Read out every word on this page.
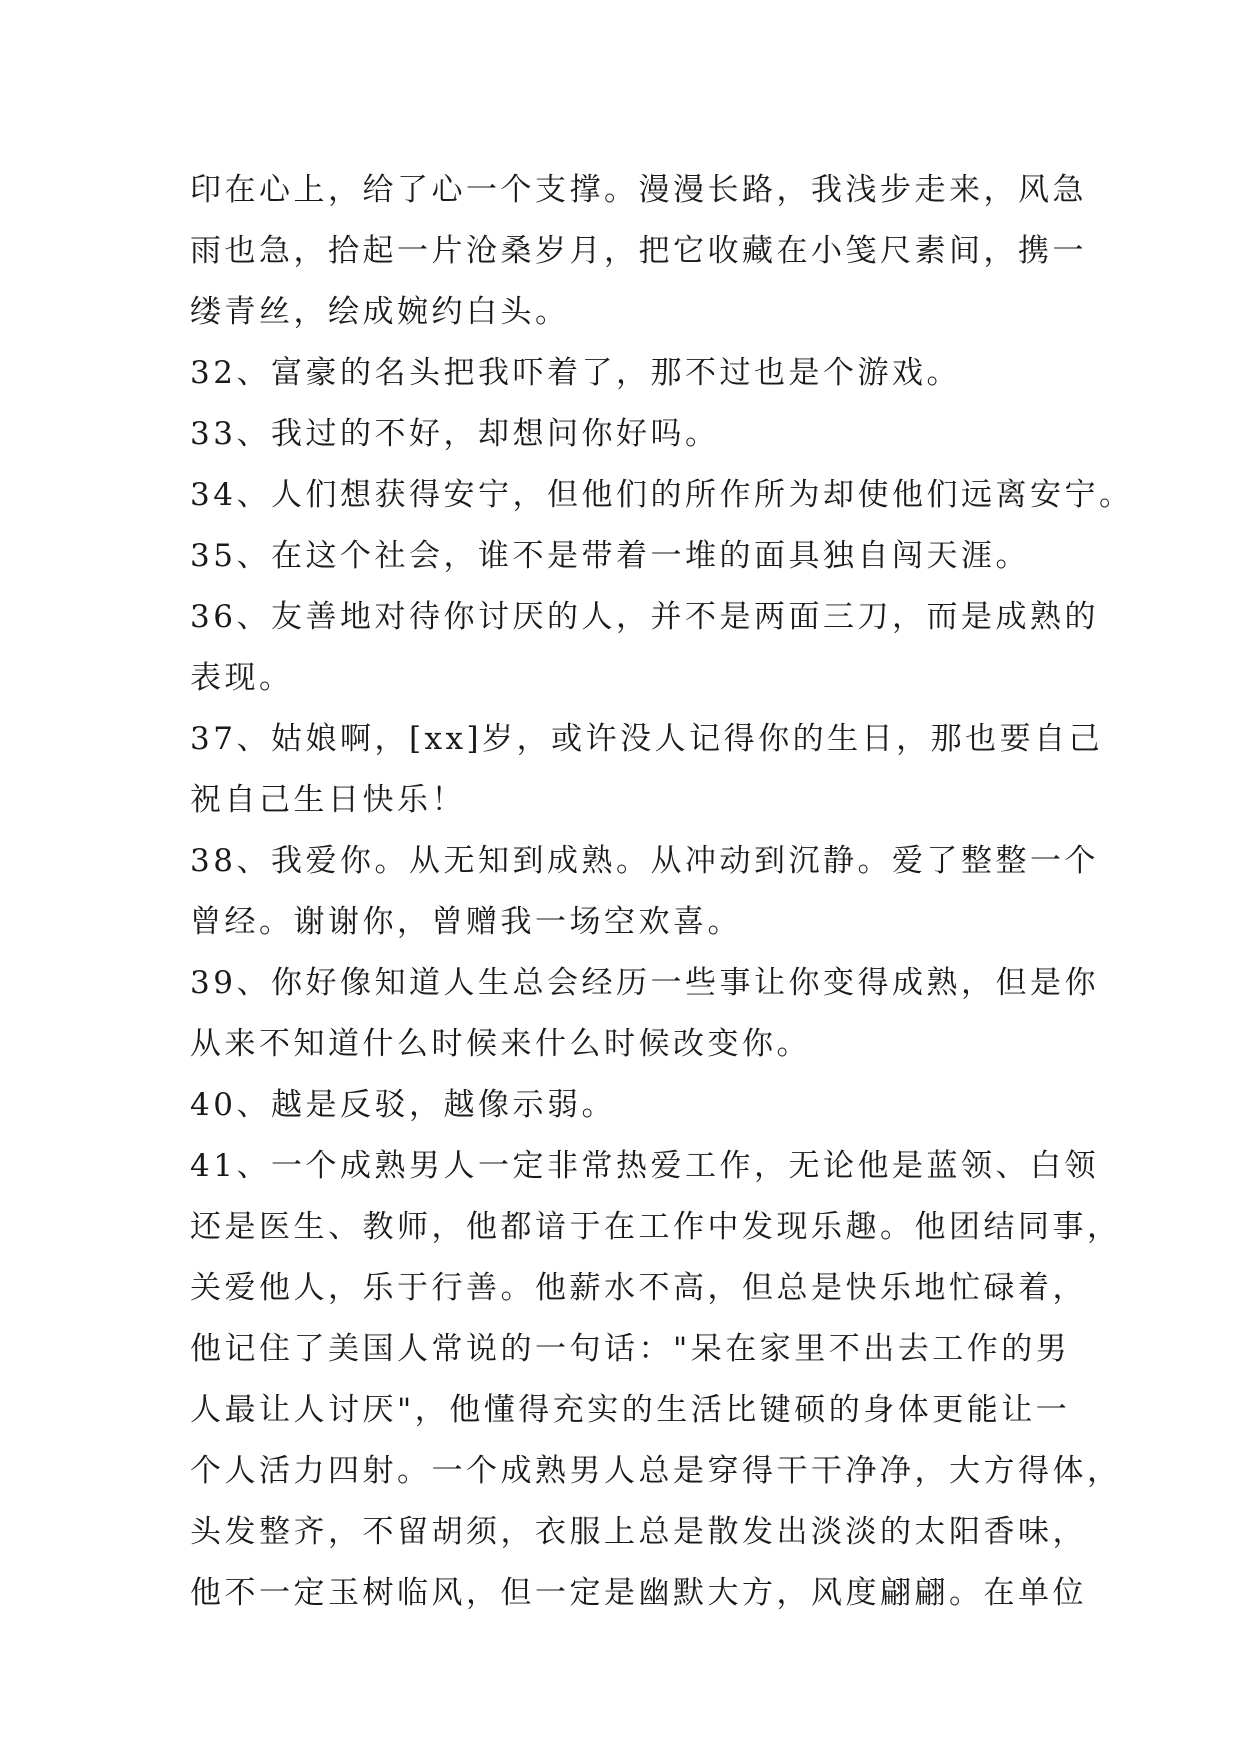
印在心上，给了心一个支撑。漫漫长路，我浅步走来，风急
雨也急，拾起一片沧桑岁月，把它收藏在小笺尺素间，携一
缕青丝，绘成婉约白头。
32、富豪的名头把我吓着了，那不过也是个游戏。
33、我过的不好，却想问你好吗。
34、人们想获得安宁，但他们的所作所为却使他们远离安宁。
35、在这个社会，谁不是带着一堆的面具独自闯天涯。
36、友善地对待你讨厌的人，并不是两面三刀，而是成熟的
表现。
37、姑娘啊，[xx]岁，或许没人记得你的生日，那也要自己
祝自己生日快乐！
38、我爱你。从无知到成熟。从冲动到沉静。爱了整整一个
曾经。谢谢你，曾赠我一场空欢喜。
39、你好像知道人生总会经历一些事让你变得成熟，但是你
从来不知道什么时候来什么时候改变你。
40、越是反驳，越像示弱。
41、一个成熟男人一定非常热爱工作，无论他是蓝领、白领
还是医生、教师，他都谙于在工作中发现乐趣。他团结同事，
关爱他人，乐于行善。他薪水不高，但总是快乐地忙碌着，
他记住了美国人常说的一句话："呆在家里不出去工作的男
人最让人讨厌"，他懂得充实的生活比键硕的身体更能让一
个人活力四射。一个成熟男人总是穿得干干净净，大方得体，
头发整齐，不留胡须，衣服上总是散发出淡淡的太阳香味，
他不一定玉树临风，但一定是幽默大方，风度翩翩。在单位
